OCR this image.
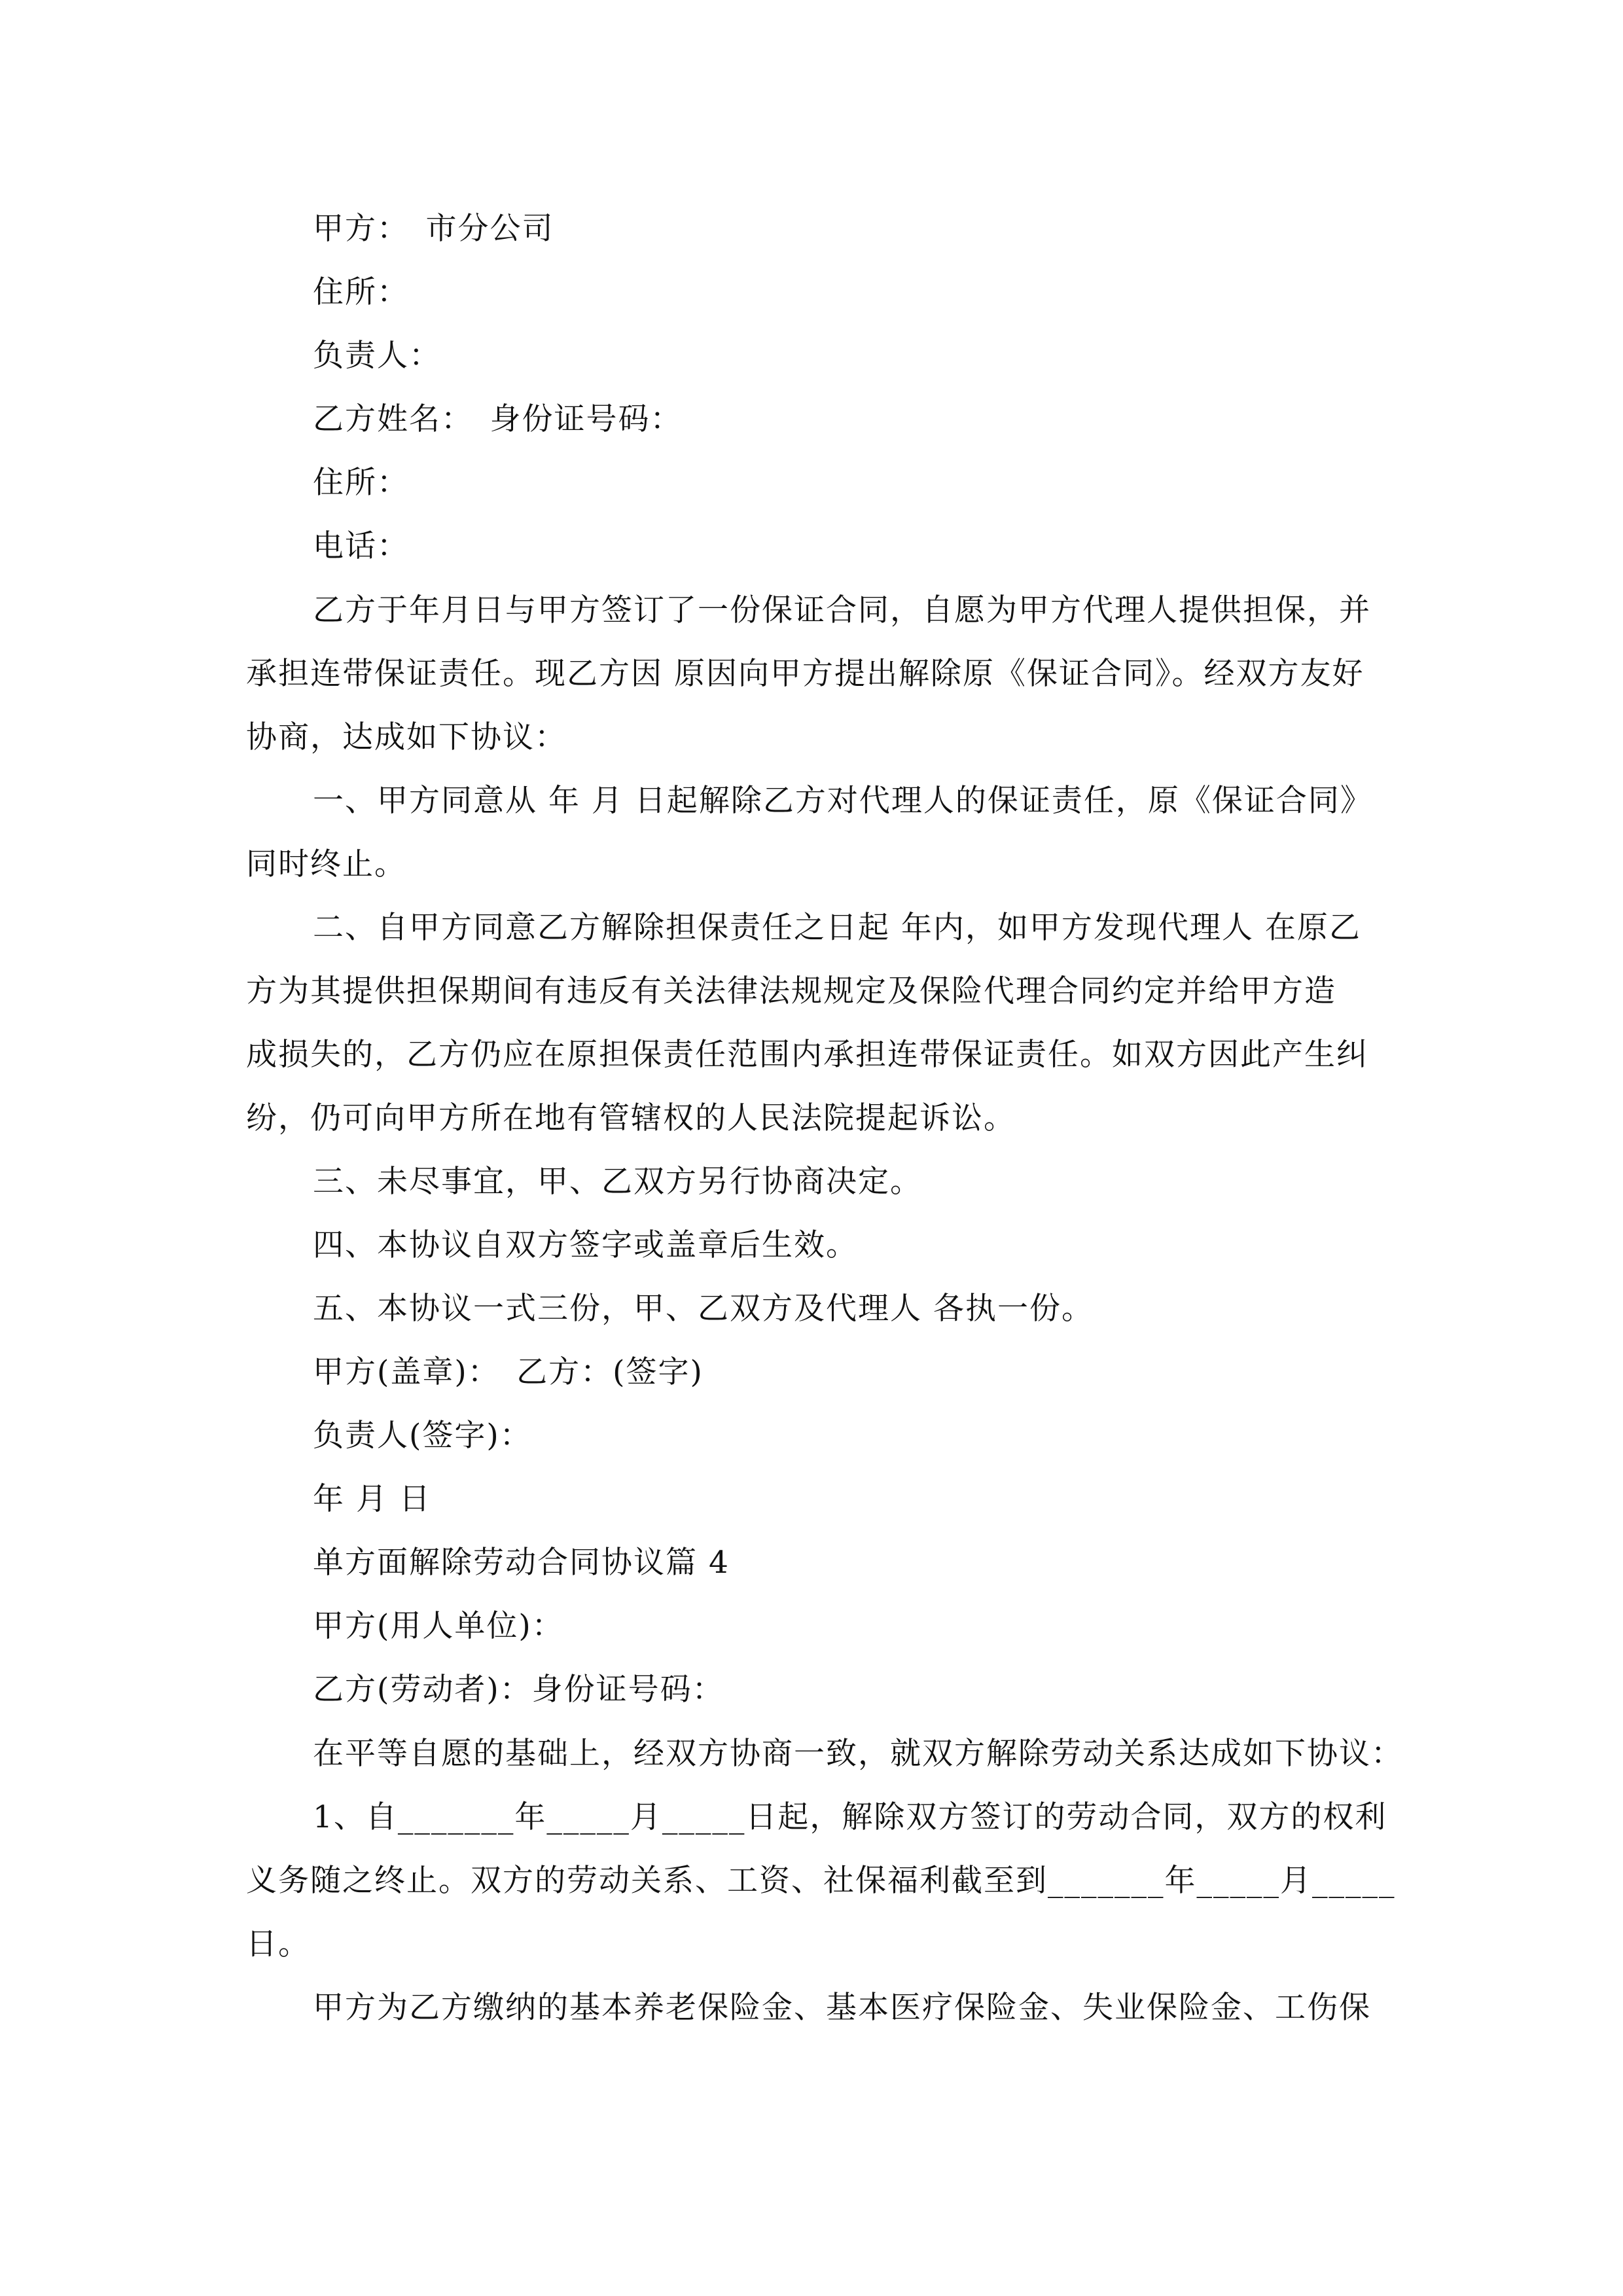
甲方：　市分公司
住所：
负责人：
乙方姓名：　身份证号码：
住所：
电话：
乙方于年月日与甲方签订了一份保证合同，自愿为甲方代理人提供担保，并
承担连带保证责任。现乙方因 原因向甲方提出解除原《保证合同》。经双方友好
协商，达成如下协议：
一、甲方同意从 年 月 日起解除乙方对代理人的保证责任，原《保证合同》
同时终止。
二、自甲方同意乙方解除担保责任之日起 年内，如甲方发现代理人 在原乙
方为其提供担保期间有违反有关法律法规规定及保险代理合同约定并给甲方造
成损失的，乙方仍应在原担保责任范围内承担连带保证责任。如双方因此产生纠
纷，仍可向甲方所在地有管辖权的人民法院提起诉讼。
三、未尽事宜，甲、乙双方另行协商决定。
四、本协议自双方签字或盖章后生效。
五、本协议一式三份，甲、乙双方及代理人 各执一份。
甲方(盖章)：　乙方：(签字)
负责人(签字)：
年 月 日
单方面解除劳动合同协议篇 4
甲方(用人单位)：
乙方(劳动者)：身份证号码：
在平等自愿的基础上，经双方协商一致，就双方解除劳动关系达成如下协议：
1、自_______年_____月_____日起，解除双方签订的劳动合同，双方的权利
义务随之终止。双方的劳动关系、工资、社保福利截至到_______年_____月_____
日。
甲方为乙方缴纳的基本养老保险金、基本医疗保险金、失业保险金、工伤保
